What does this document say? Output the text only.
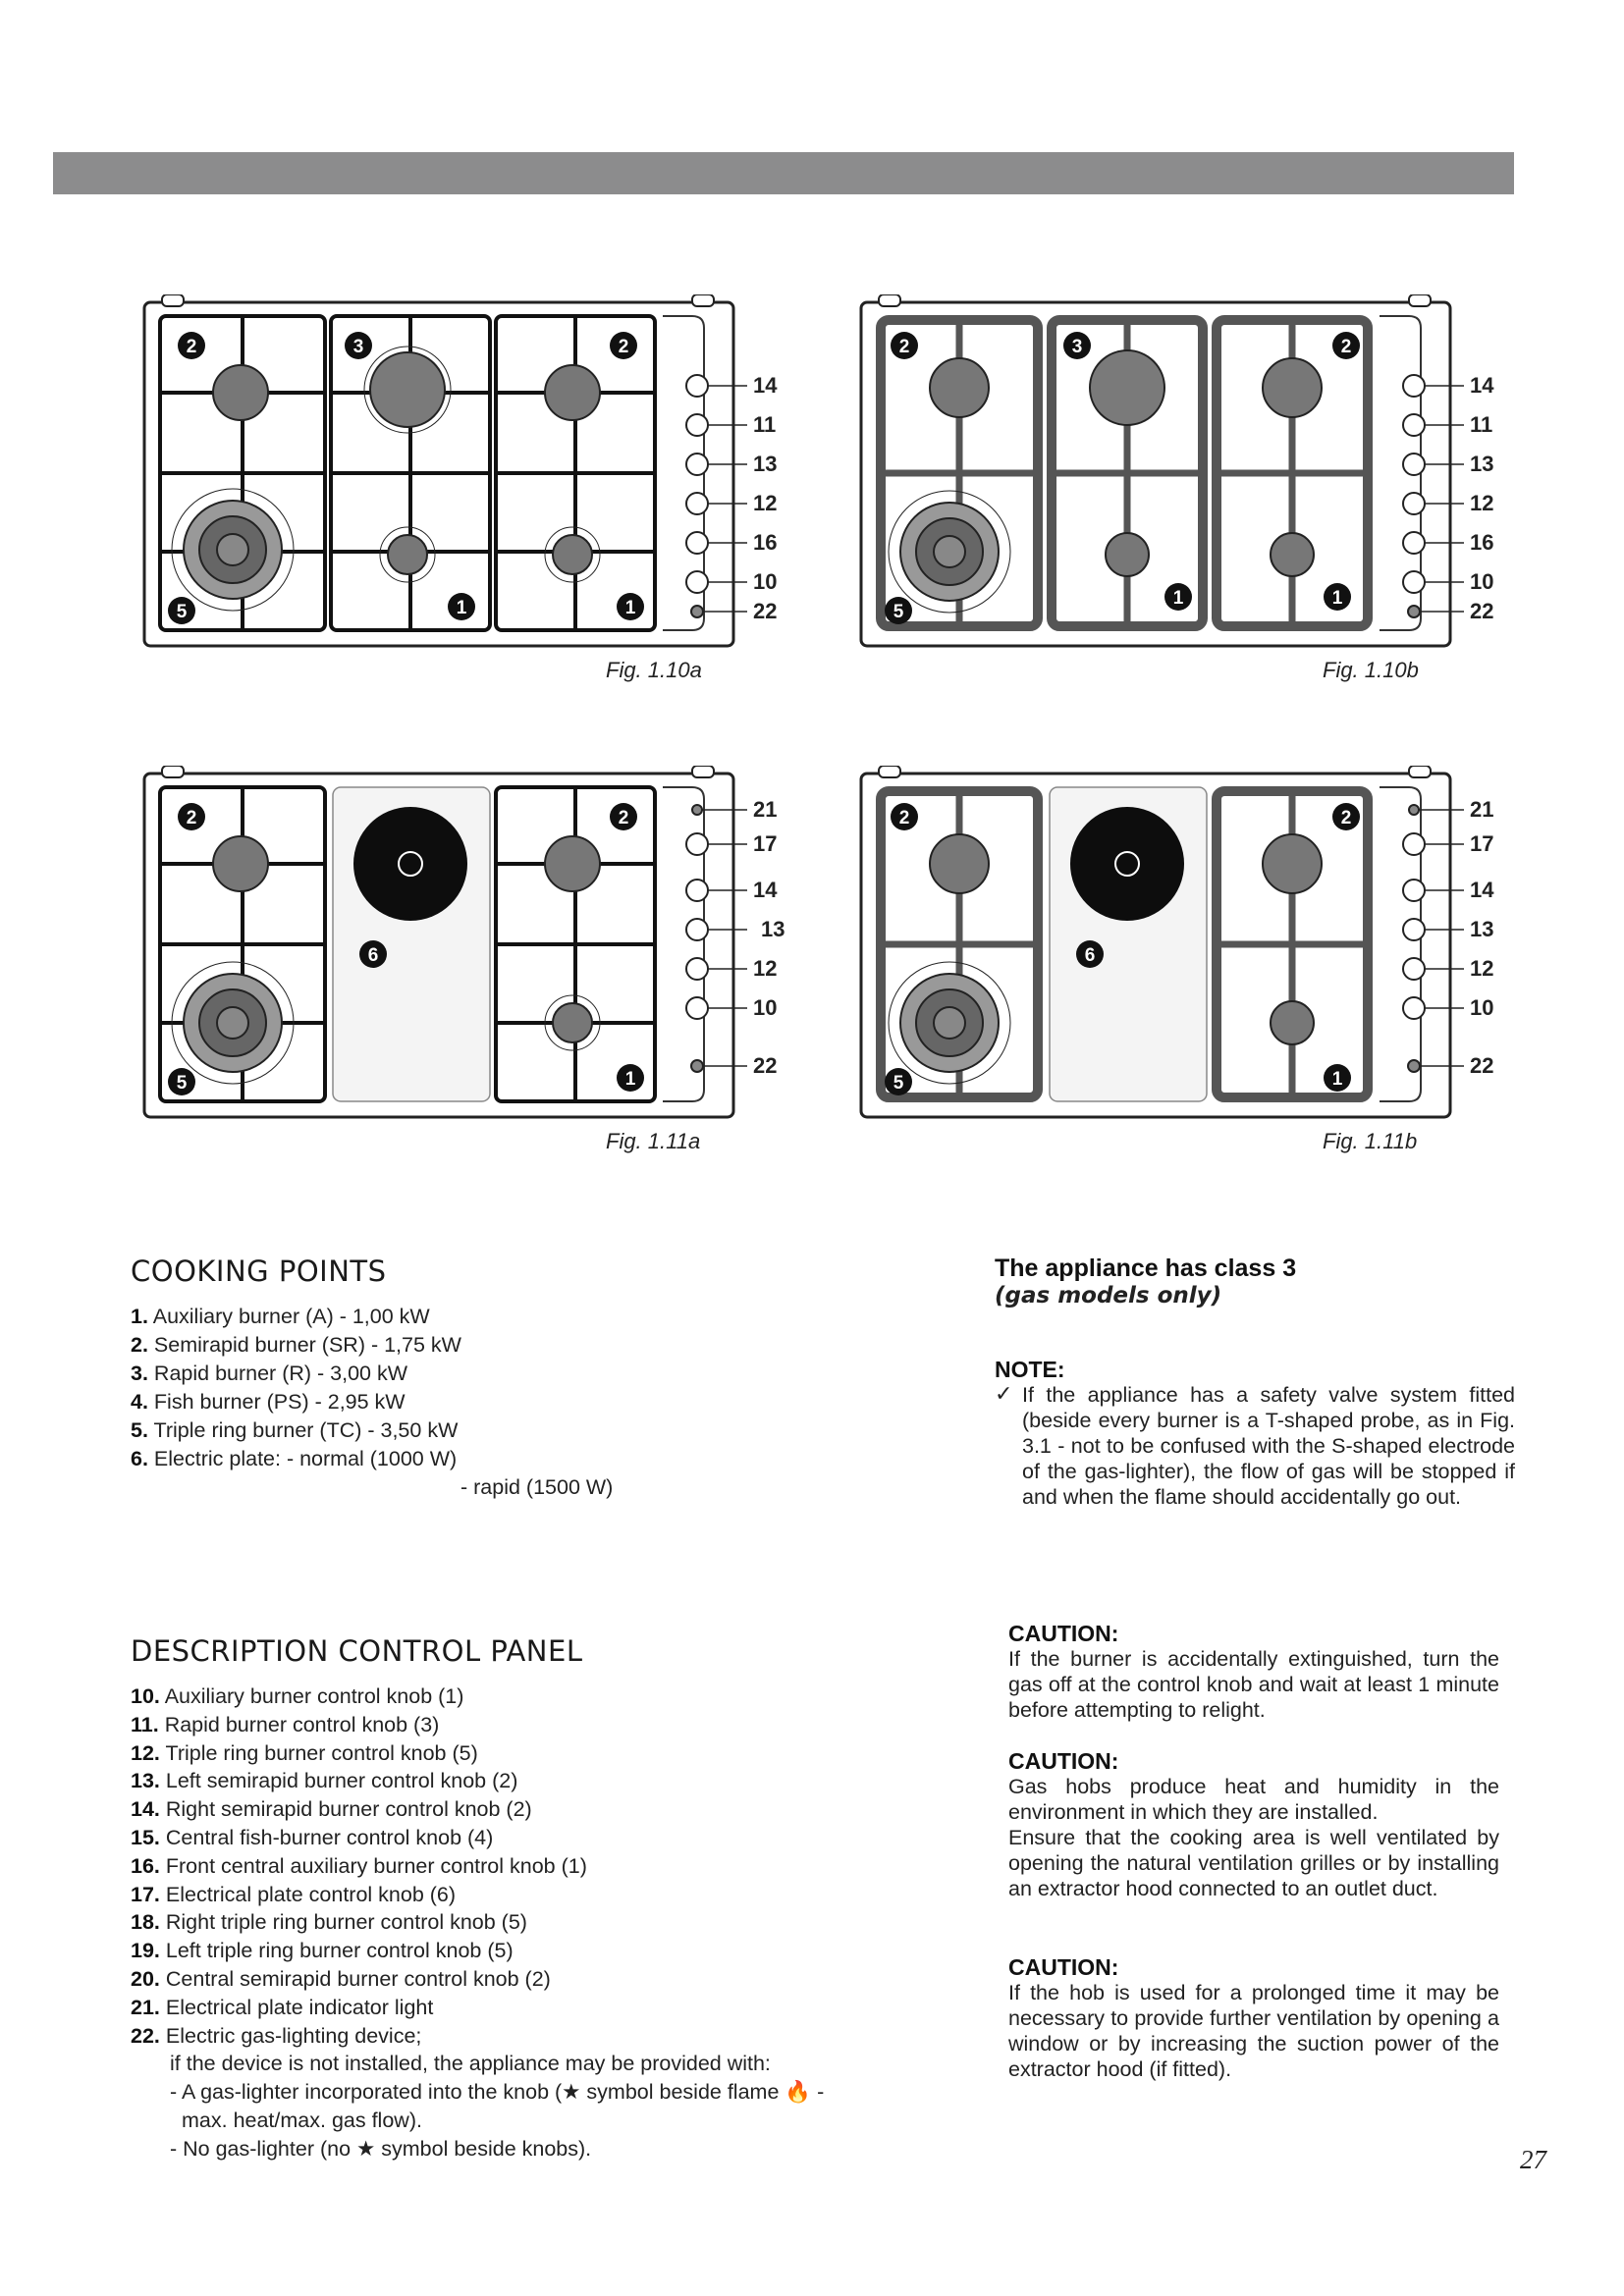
2	3	2
5	1	1
14
11
13
12
16
10
22
Fig. 1.10a
2	3	2
5
1	1
14
11
13
12
16
10
22
Fig. 1.10b
2	2
6
5	1
21
17
14
13
12
10
22
Fig. 1.11a
2	2
6
5	1
21
17
14
13
12
10
22
Fig. 1.11b
COOKING POINTS
1. Auxiliary burner (A) - 1,00 kW
2. Semirapid burner (SR) - 1,75 kW
3. Rapid burner (R) - 3,00 kW
4. Fish burner (PS) - 2,95 kW
5. Triple ring burner (TC) - 3,50 kW
6. Electric plate: - normal (1000 W)
- rapid (1500 W)
DESCRIPTION CONTROL PANEL
10. Auxiliary burner control knob (1)
11. Rapid burner control knob (3)
12. Triple ring burner control knob (5)
13. Left semirapid burner control knob (2)
14. Right semirapid burner control knob (2)
15. Central fish-burner control knob (4)
16. Front central auxiliary burner control knob (1)
17. Electrical plate control knob (6)
18. Right triple ring burner control knob (5)
19. Left triple ring burner control knob (5)
20. Central semirapid burner control knob (2)
21. Electrical plate indicator light
22. Electric gas-lighting device;
if the device is not installed, the appliance may be provided with:
- A gas-lighter incorporated into the knob (★ symbol beside flame 🔥 -
max. heat/max. gas flow).
- No gas-lighter (no ★ symbol beside knobs).
The appliance has class 3
(gas models only)
NOTE:
✓ If the appliance has a safety valve system fitted (beside every burner is a T-shaped probe, as in Fig. 3.1 - not to be confused with the S-shaped electrode of the gas-lighter), the flow of gas will be stopped if and when the flame should accidentally go out.
CAUTION:
If the burner is accidentally extinguished, turn the gas off at the control knob and wait at least 1 minute before attempting to relight.
CAUTION:
Gas hobs produce heat and humidity in the environment in which they are installed.
Ensure that the cooking area is well ventilated by opening the natural ventilation grilles or by installing an extractor hood connected to an outlet duct.
CAUTION:
If the hob is used for a prolonged time it may be necessary to provide further ventilation by opening a window or by increasing the suction power of the extractor hood (if fitted).
27
